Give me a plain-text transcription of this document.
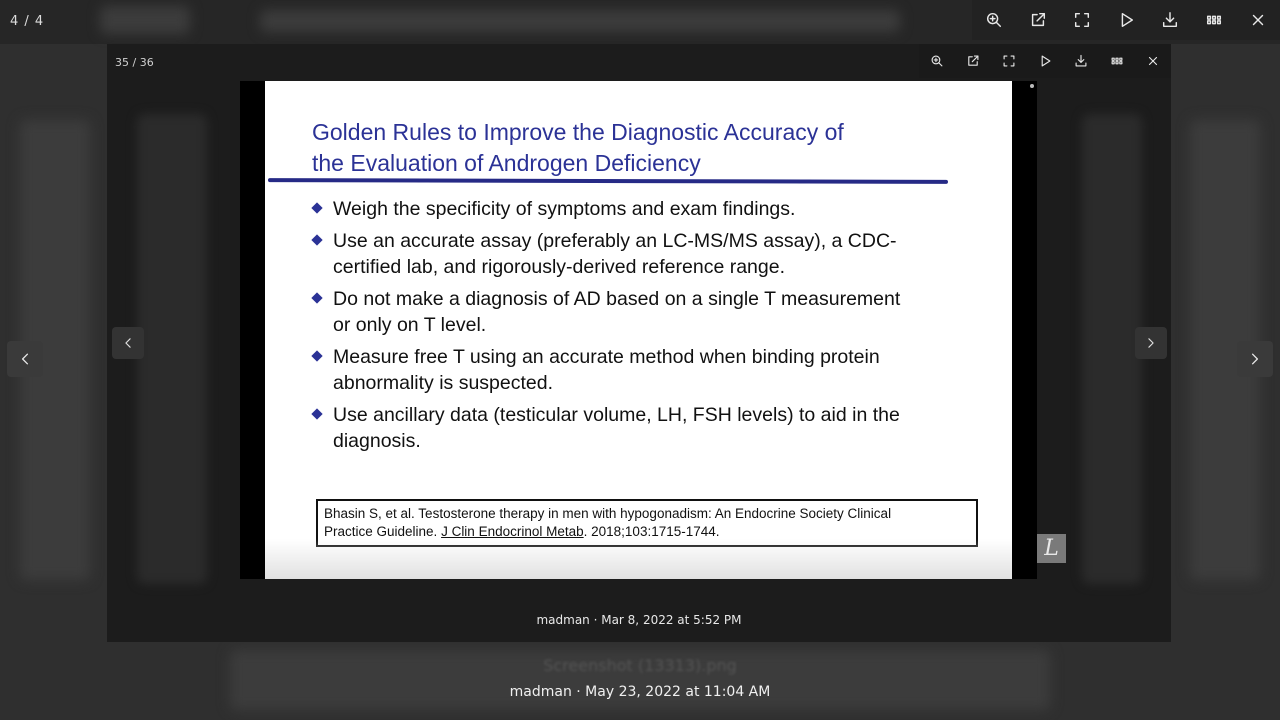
Screenshot (13313).png
4 / 4
madman · May 23, 2022 at 11:04 AM
35 / 36
Golden Rules to Improve the Diagnostic Accuracy of
the Evaluation of Androgen Deficiency
Weigh the specificity of symptoms and exam findings.
Use an accurate assay (preferably an LC-MS/MS assay), a CDC-
certified lab, and rigorously-derived reference range.
Do not make a diagnosis of AD based on a single T measurement
or only on T level.
Measure free T using an accurate method when binding protein
abnormality is suspected.
Use ancillary data (testicular volume, LH, FSH levels) to aid in the
diagnosis.
Bhasin S, et al. Testosterone therapy in men with hypogonadism: An Endocrine Society Clinical
Practice Guideline. J Clin Endocrinol Metab. 2018;103:1715-1744.
L
madman · Mar 8, 2022 at 5:52 PM
